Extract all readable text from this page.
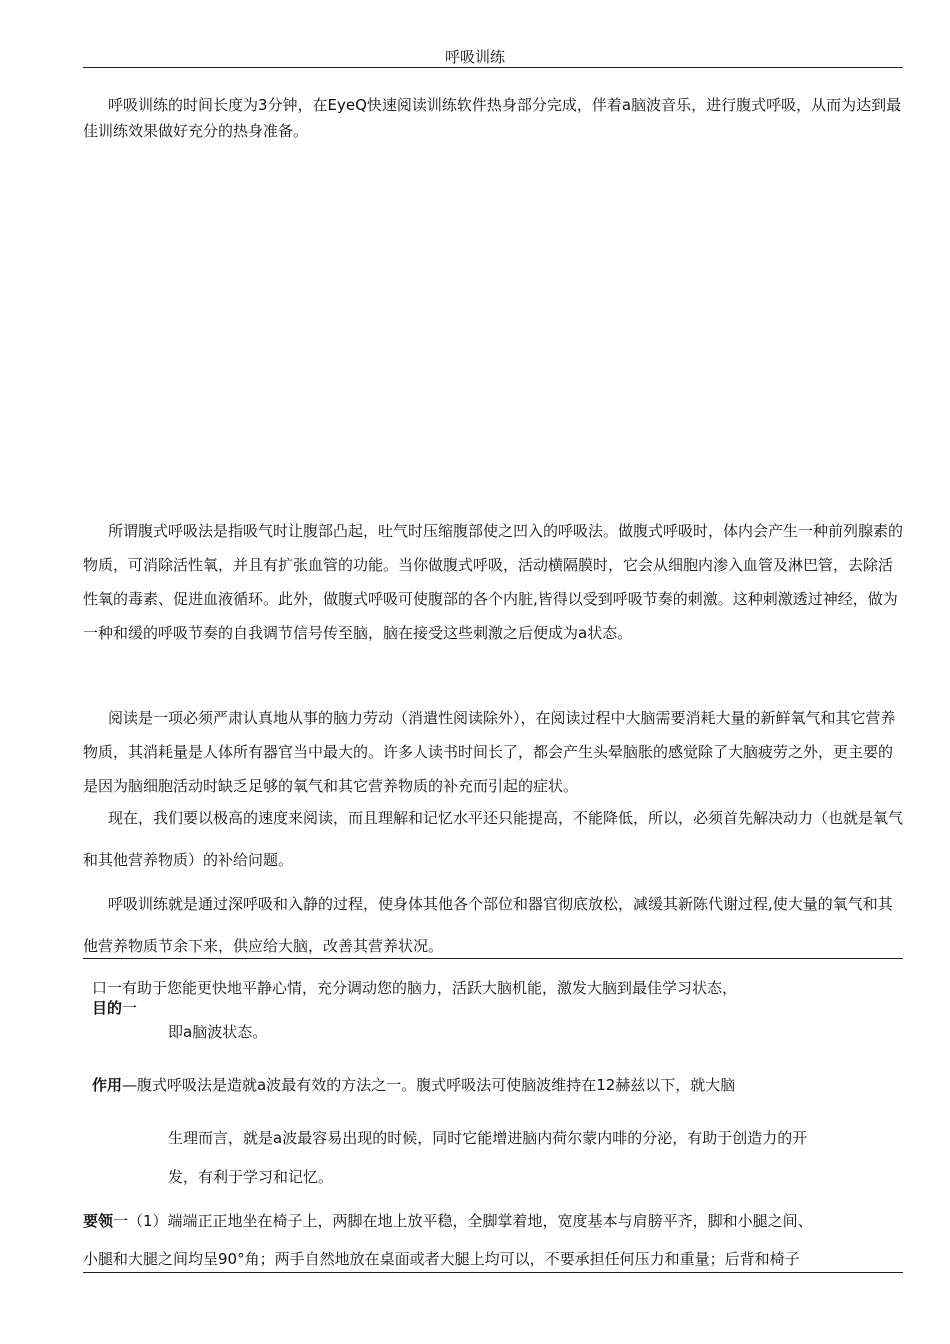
呼吸训练

呼吸训练的时间长度为3分钟，在EyeQ快速阅读训练软件热身部分完成，伴着a脑波音乐，进行腹式呼吸，从而为达到最佳训练效果做好充分的热身准备。

所谓腹式呼吸法是指吸气时让腹部凸起，吐气时压缩腹部使之凹入的呼吸法。做腹式呼吸时，体内会产生一种前列腺素的物质，可消除活性氧，并且有扩张血管的功能。当你做腹式呼吸，活动横隔膜时，它会从细胞内渗入血管及淋巴管，去除活性氧的毒素、促进血液循环。此外，做腹式呼吸可使腹部的各个内脏,皆得以受到呼吸节奏的刺激。这种刺激透过神经，做为一种和缓的呼吸节奏的自我调节信号传至脑，脑在接受这些刺激之后便成为a状态。

阅读是一项必须严肃认真地从事的脑力劳动（消遣性阅读除外），在阅读过程中大脑需要消耗大量的新鲜氧气和其它营养物质，其消耗量是人体所有器官当中最大的。许多人读书时间长了，都会产生头晕脑胀的感觉除了大脑疲劳之外，更主要的是因为脑细胞活动时缺乏足够的氧气和其它营养物质的补充而引起的症状。

现在，我们要以极高的速度来阅读，而且理解和记忆水平还只能提高，不能降低，所以，必须首先解决动力（也就是氧气和其他营养物质）的补给问题。

呼吸训练就是通过深呼吸和入静的过程，使身体其他各个部位和器官彻底放松，减缓其新陈代谢过程,使大量的氧气和其他营养物质节余下来，供应给大脑，改善其营养状况。

口一有助于您能更快地平静心情，充分调动您的脑力，活跃大脑机能，激发大脑到最佳学习状态，
目的一
即a脑波状态。
作用—腹式呼吸法是造就a波最有效的方法之一。腹式呼吸法可使脑波维持在12赫兹以下，就大脑
生理而言，就是a波最容易出现的时候，同时它能增进脑内荷尔蒙内啡的分泌，有助于创造力的开
发，有利于学习和记忆。
要领一（1）端端正正地坐在椅子上，两脚在地上放平稳，全脚掌着地，宽度基本与肩膀平齐，脚和小腿之间、
小腿和大腿之间均呈90°角；两手自然地放在桌面或者大腿上均可以，不要承担任何压力和重量；后背和椅子
